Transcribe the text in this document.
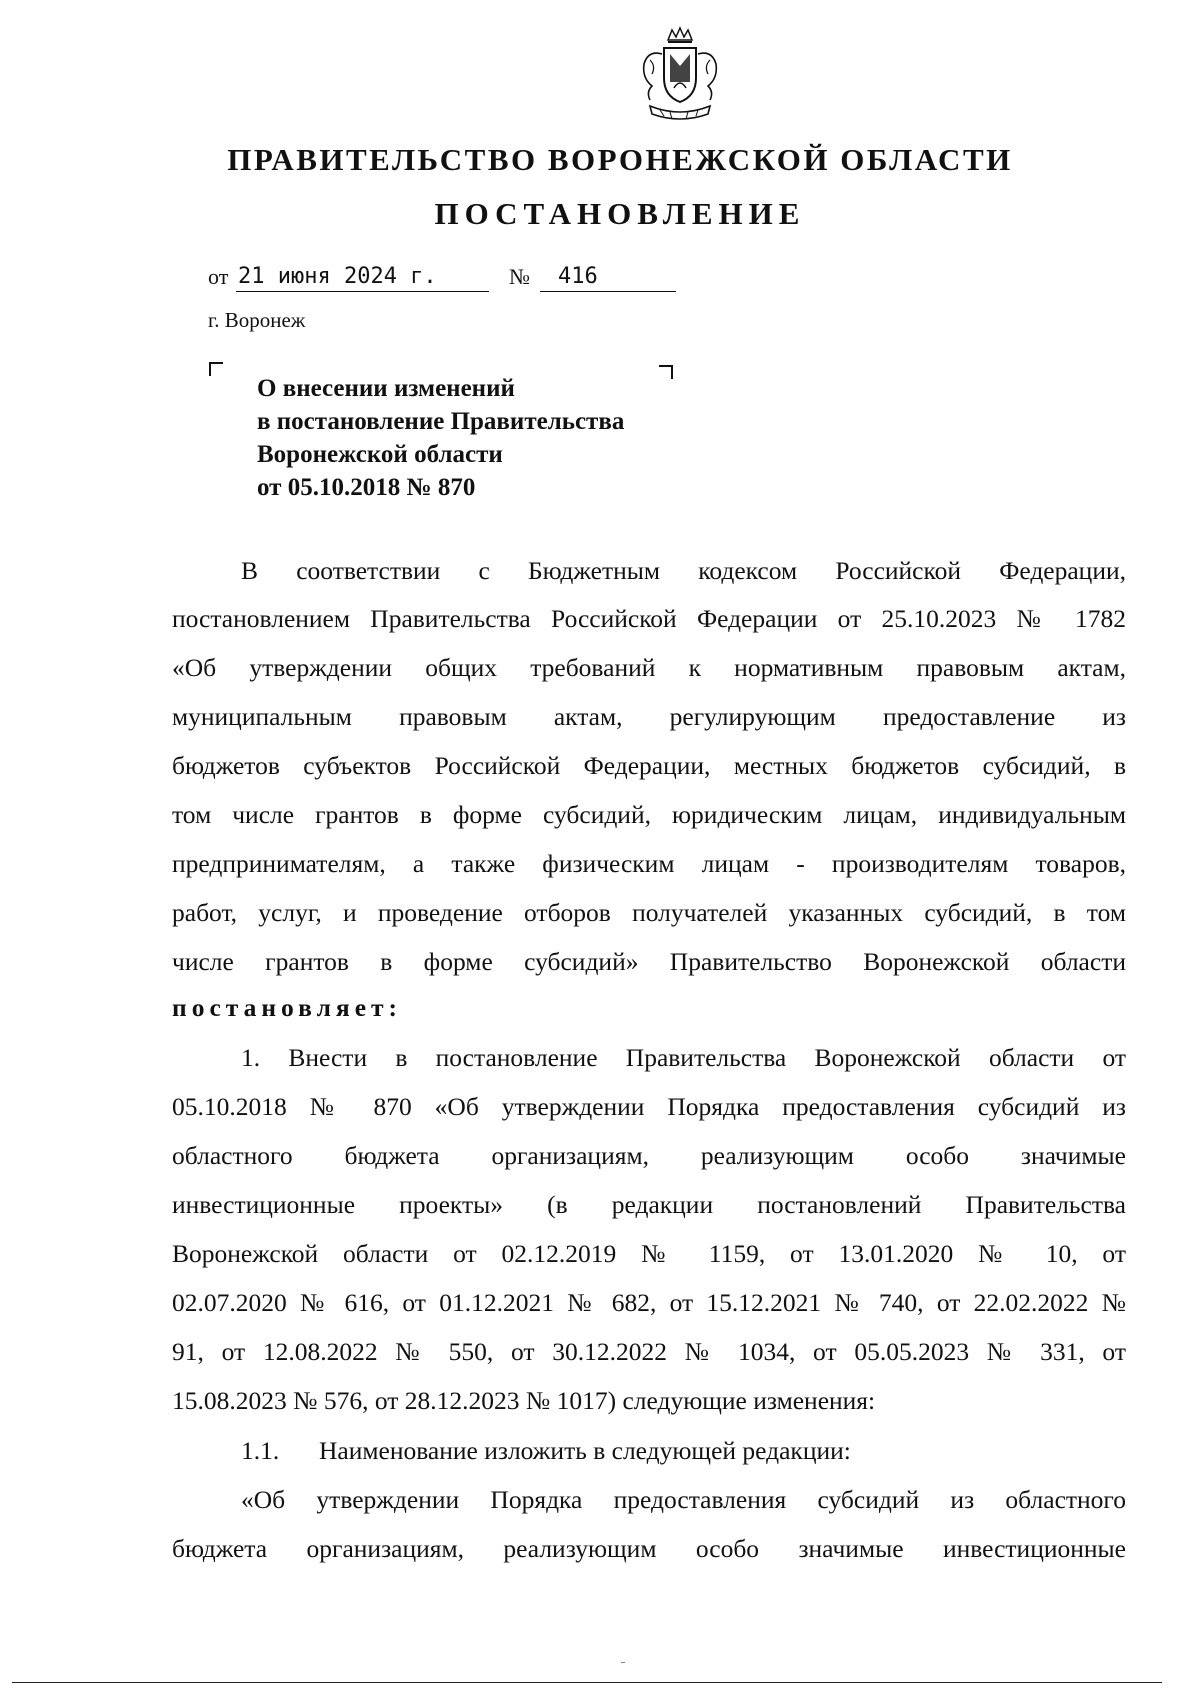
ПРАВИТЕЛЬСТВО ВОРОНЕЖСКОЙ ОБЛАСТИ
ПОСТАНОВЛЕНИЕ
от 21 июня 2024 г.	№ 416
г. Воронеж
О внесении изменений
в постановление Правительства
Воронежской области
от 05.10.2018 № 870
В соответствии с Бюджетным кодексом Российской Федерации,
постановлением Правительства Российской Федерации от 25.10.2023 № 1782
«Об утверждении общих требований к нормативным правовым актам,
муниципальным правовым актам, регулирующим предоставление из
бюджетов субъектов Российской Федерации, местных бюджетов субсидий, в
том числе грантов в форме субсидий, юридическим лицам, индивидуальным
предпринимателям, а также физическим лицам - производителям товаров,
работ, услуг, и проведение отборов получателей указанных субсидий, в том
числе грантов в форме субсидий» Правительство Воронежской области
постановляет:
1. Внести в постановление Правительства Воронежской области от
05.10.2018 № 870 «Об утверждении Порядка предоставления субсидий из
областного бюджета организациям, реализующим особо значимые
инвестиционные проекты» (в редакции постановлений Правительства
Воронежской области от 02.12.2019 № 1159, от 13.01.2020 № 10, от
02.07.2020 № 616, от 01.12.2021 № 682, от 15.12.2021 № 740, от 22.02.2022 №
91, от 12.08.2022 № 550, от 30.12.2022 № 1034, от 05.05.2023 № 331, от
15.08.2023 № 576, от 28.12.2023 № 1017) следующие изменения:
1.1. Наименование изложить в следующей редакции:
«Об утверждении Порядка предоставления субсидий из областного
бюджета организациям, реализующим особо значимые инвестиционные
